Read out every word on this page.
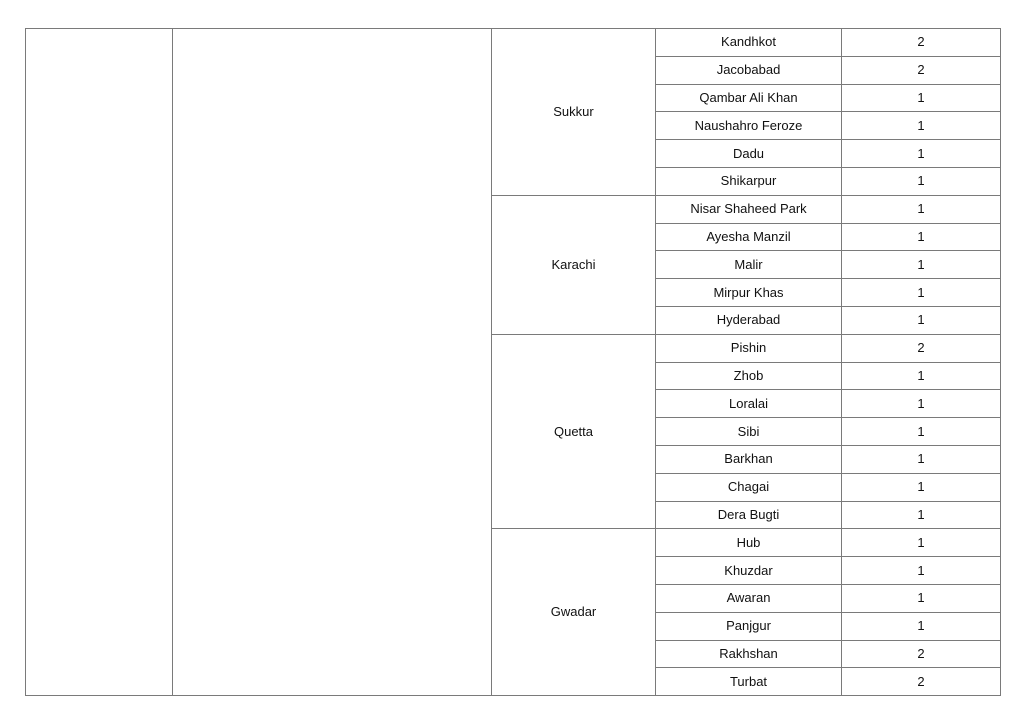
		Sukkur	Kandhkot	2
			Jacobabad	2
			Qambar Ali Khan	1
			Naushahro Feroze	1
			Dadu	1
			Shikarpur	1
		Karachi	Nisar Shaheed Park	1
			Ayesha Manzil	1
			Malir	1
			Mirpur Khas	1
			Hyderabad	1
		Quetta	Pishin	2
			Zhob	1
			Loralai	1
			Sibi	1
			Barkhan	1
			Chagai	1
			Dera Bugti	1
		Gwadar	Hub	1
			Khuzdar	1
			Awaran	1
			Panjgur	1
			Rakhshan	2
			Turbat	2
